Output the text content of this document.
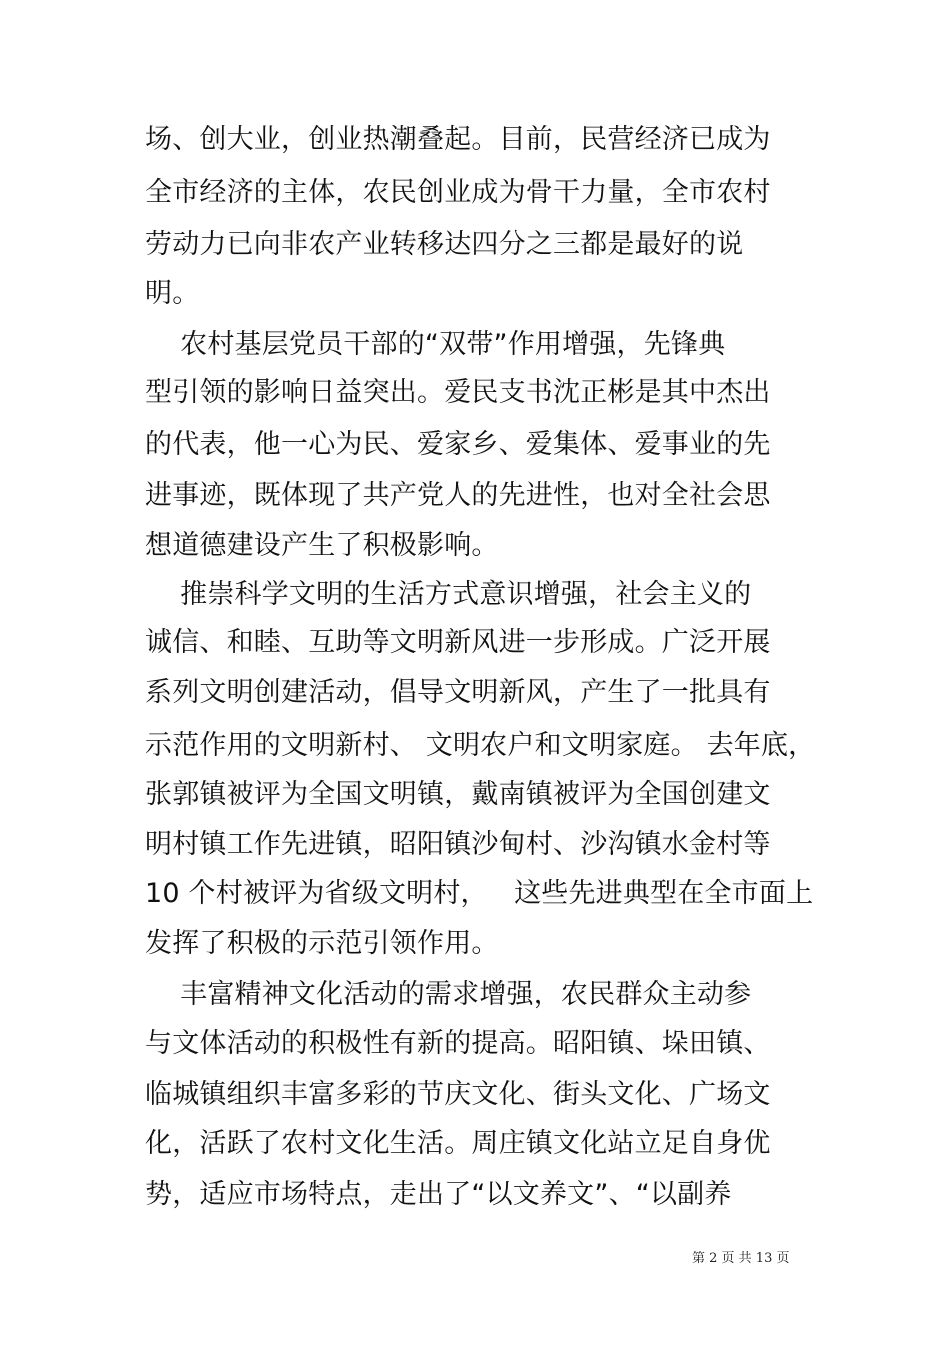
场、创大业，创业热潮叠起。目前，民营经济已成为
全市经济的主体，农民创业成为骨干力量，全市农村
劳动力已向非农产业转移达四分之三都是最好的说
明。
农村基层党员干部的“双带”作用增强，先锋典
型引领的影响日益突出。爱民支书沈正彬是其中杰出
的代表，他一心为民、爱家乡、爱集体、爱事业的先
进事迹，既体现了共产党人的先进性，也对全社会思
想道德建设产生了积极影响。
推崇科学文明的生活方式意识增强，社会主义的
诚信、和睦、互助等文明新风进一步形成。广泛开展
系列文明创建活动，倡导文明新风，产生了一批具有
示范作用的文明新村、 文明农户和文明家庭。 去年底，
张郭镇被评为全国文明镇，戴南镇被评为全国创建文
明村镇工作先进镇，昭阳镇沙甸村、沙沟镇水金村等
10 个村被评为省级文明村，   这些先进典型在全市面上
发挥了积极的示范引领作用。
丰富精神文化活动的需求增强，农民群众主动参
与文体活动的积极性有新的提高。昭阳镇、垛田镇、
临城镇组织丰富多彩的节庆文化、街头文化、广场文
化，活跃了农村文化生活。周庄镇文化站立足自身优
势，适应市场特点，走出了“以文养文”、“以副养
第 2 页 共 13 页
